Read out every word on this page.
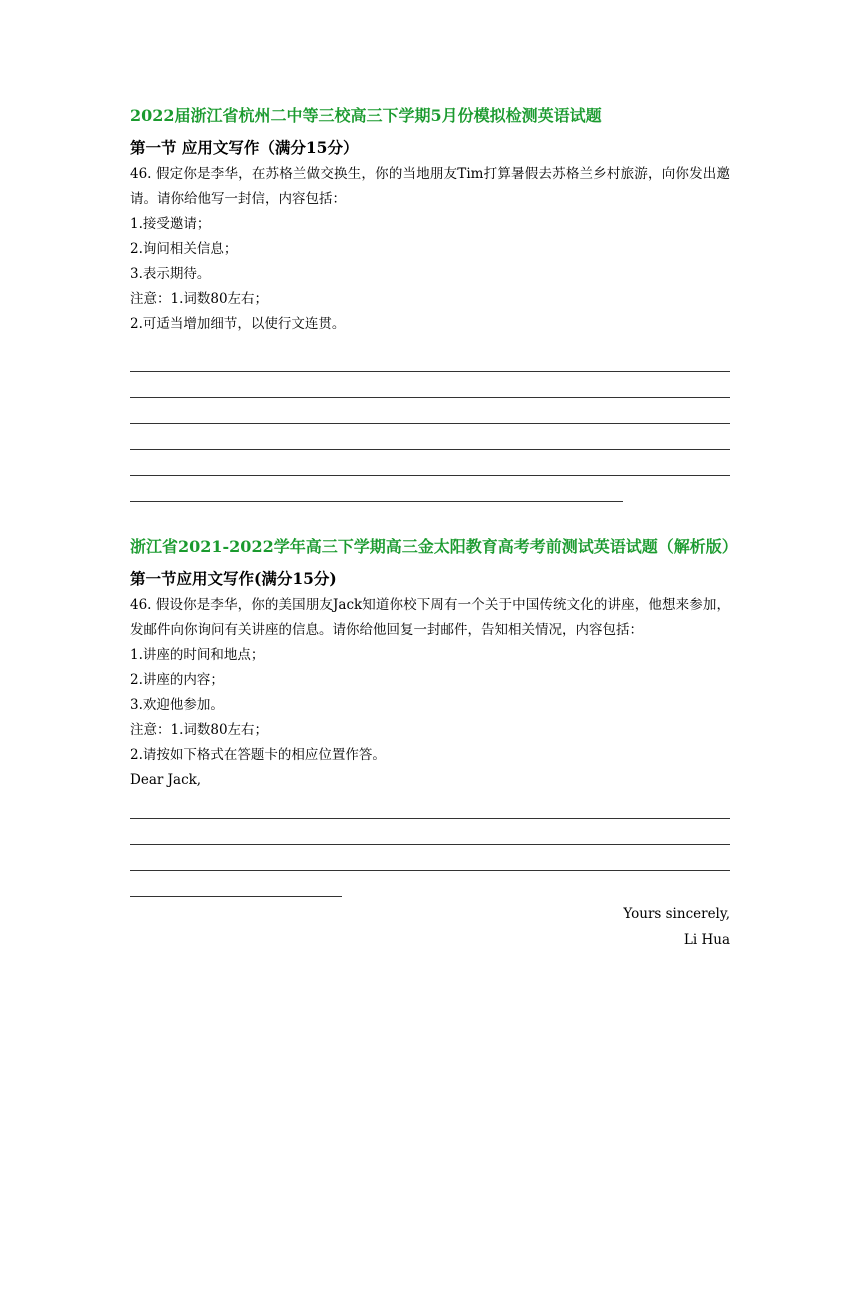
2022届浙江省杭州二中等三校高三下学期5月份模拟检测英语试题
第一节 应用文写作（满分15分）

46. 假定你是李华，在苏格兰做交换生，你的当地朋友Tim打算暑假去苏格兰乡村旅游，向你发出邀请。请你给他写一封信，内容包括：

1.接受邀请；

2.询问相关信息；

3.表示期待。

注意：1.词数80左右；

2.可适当增加细节，以使行文连贯。

浙江省2021-2022学年高三下学期高三金太阳教育高考考前测试英语试题（解析版）
第一节应用文写作(满分15分)

46. 假设你是李华，你的美国朋友Jack知道你校下周有一个关于中国传统文化的讲座，他想来参加，发邮件向你询问有关讲座的信息。请你给他回复一封邮件，告知相关情况，内容包括：

1.讲座的时间和地点；

2.讲座的内容；

3.欢迎他参加。

注意：1.词数80左右；

2.请按如下格式在答题卡的相应位置作答。

Dear Jack,

Yours sincerely,
Li Hua
